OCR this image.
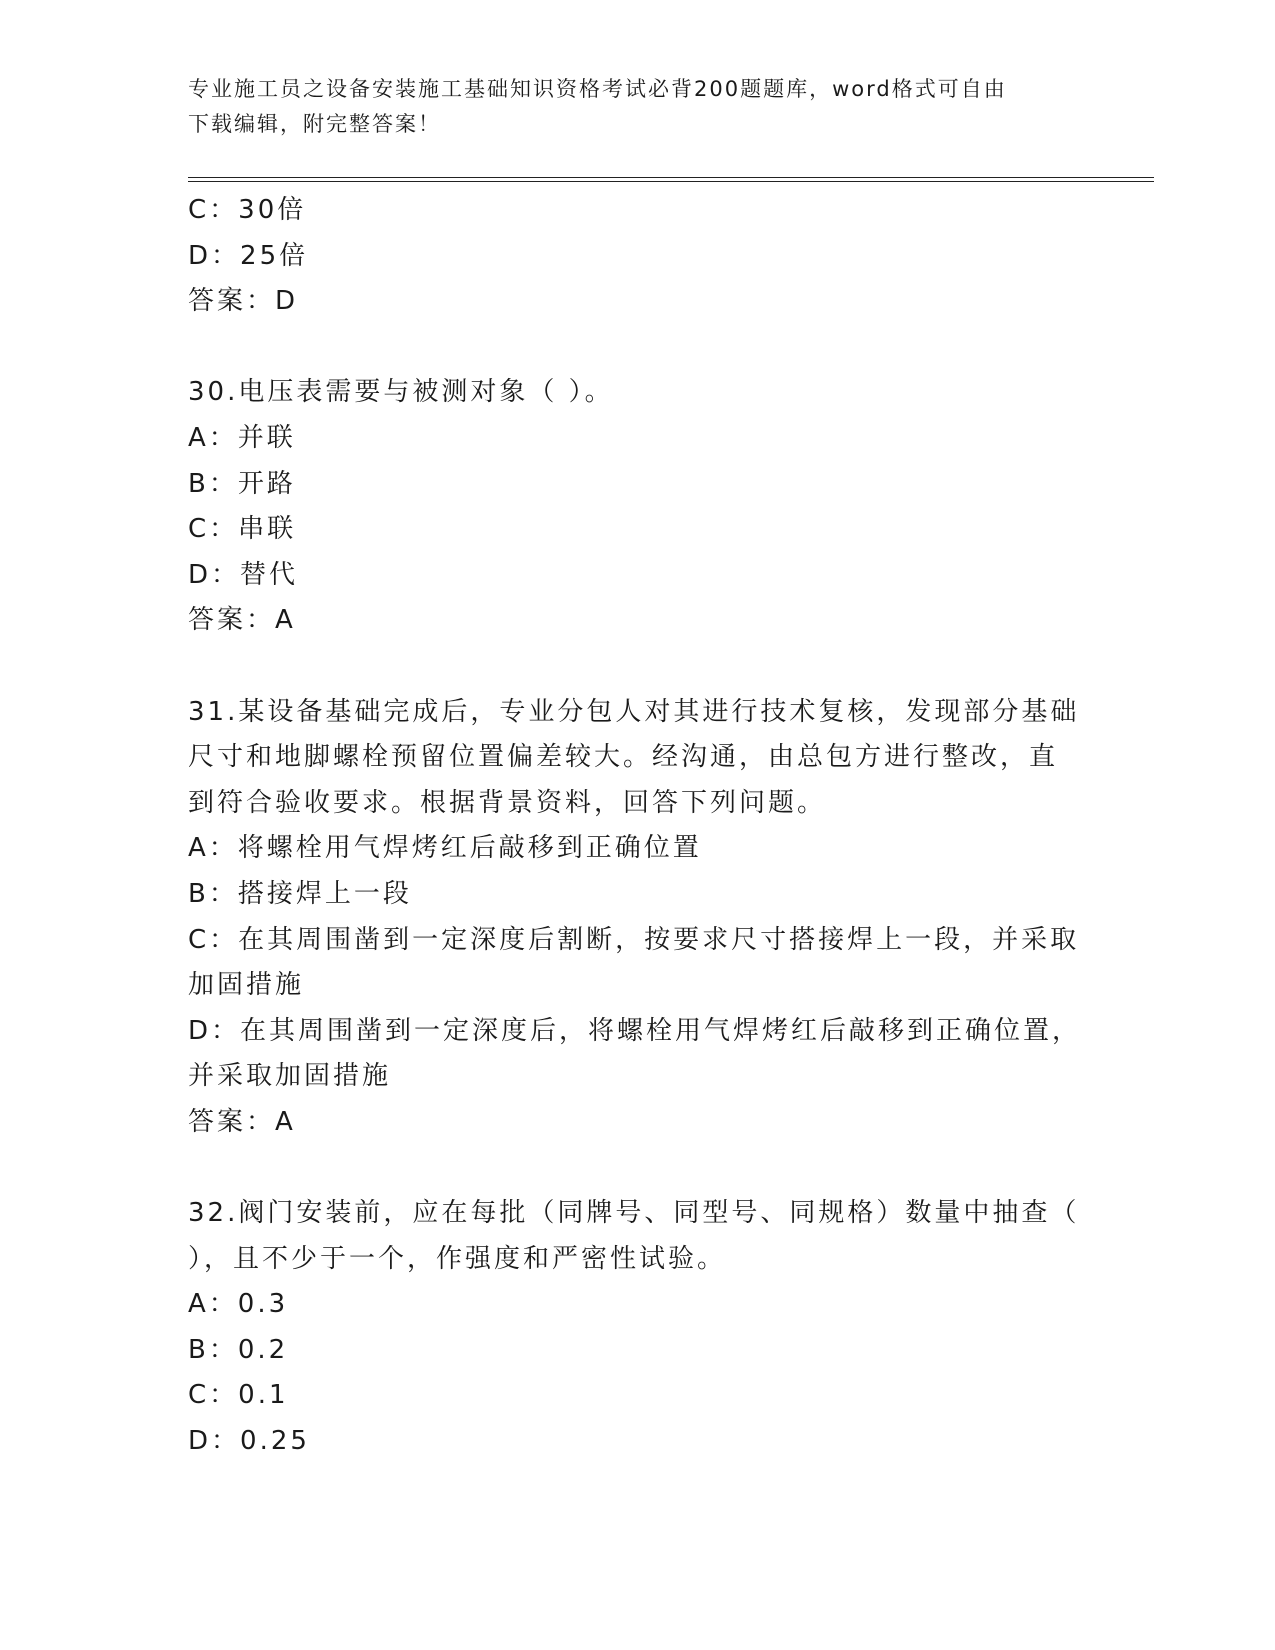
专业施工员之设备安装施工基础知识资格考试必背200题题库，word格式可自由
下载编辑，附完整答案！
C：30倍
D：25倍
答案：D
30.电压表需要与被测对象（ ）。
A：并联
B：开路
C：串联
D：替代
答案：A
31.某设备基础完成后，专业分包人对其进行技术复核，发现部分基础
尺寸和地脚螺栓预留位置偏差较大。经沟通，由总包方进行整改，直
到符合验收要求。根据背景资料，回答下列问题。
A：将螺栓用气焊烤红后敲移到正确位置
B：搭接焊上一段
C：在其周围凿到一定深度后割断，按要求尺寸搭接焊上一段，并采取
加固措施
D：在其周围凿到一定深度后，将螺栓用气焊烤红后敲移到正确位置，
并采取加固措施
答案：A
32.阀门安装前，应在每批（同牌号、同型号、同规格）数量中抽查（
），且不少于一个，作强度和严密性试验。
A：0.3
B：0.2
C：0.1
D：0.25
